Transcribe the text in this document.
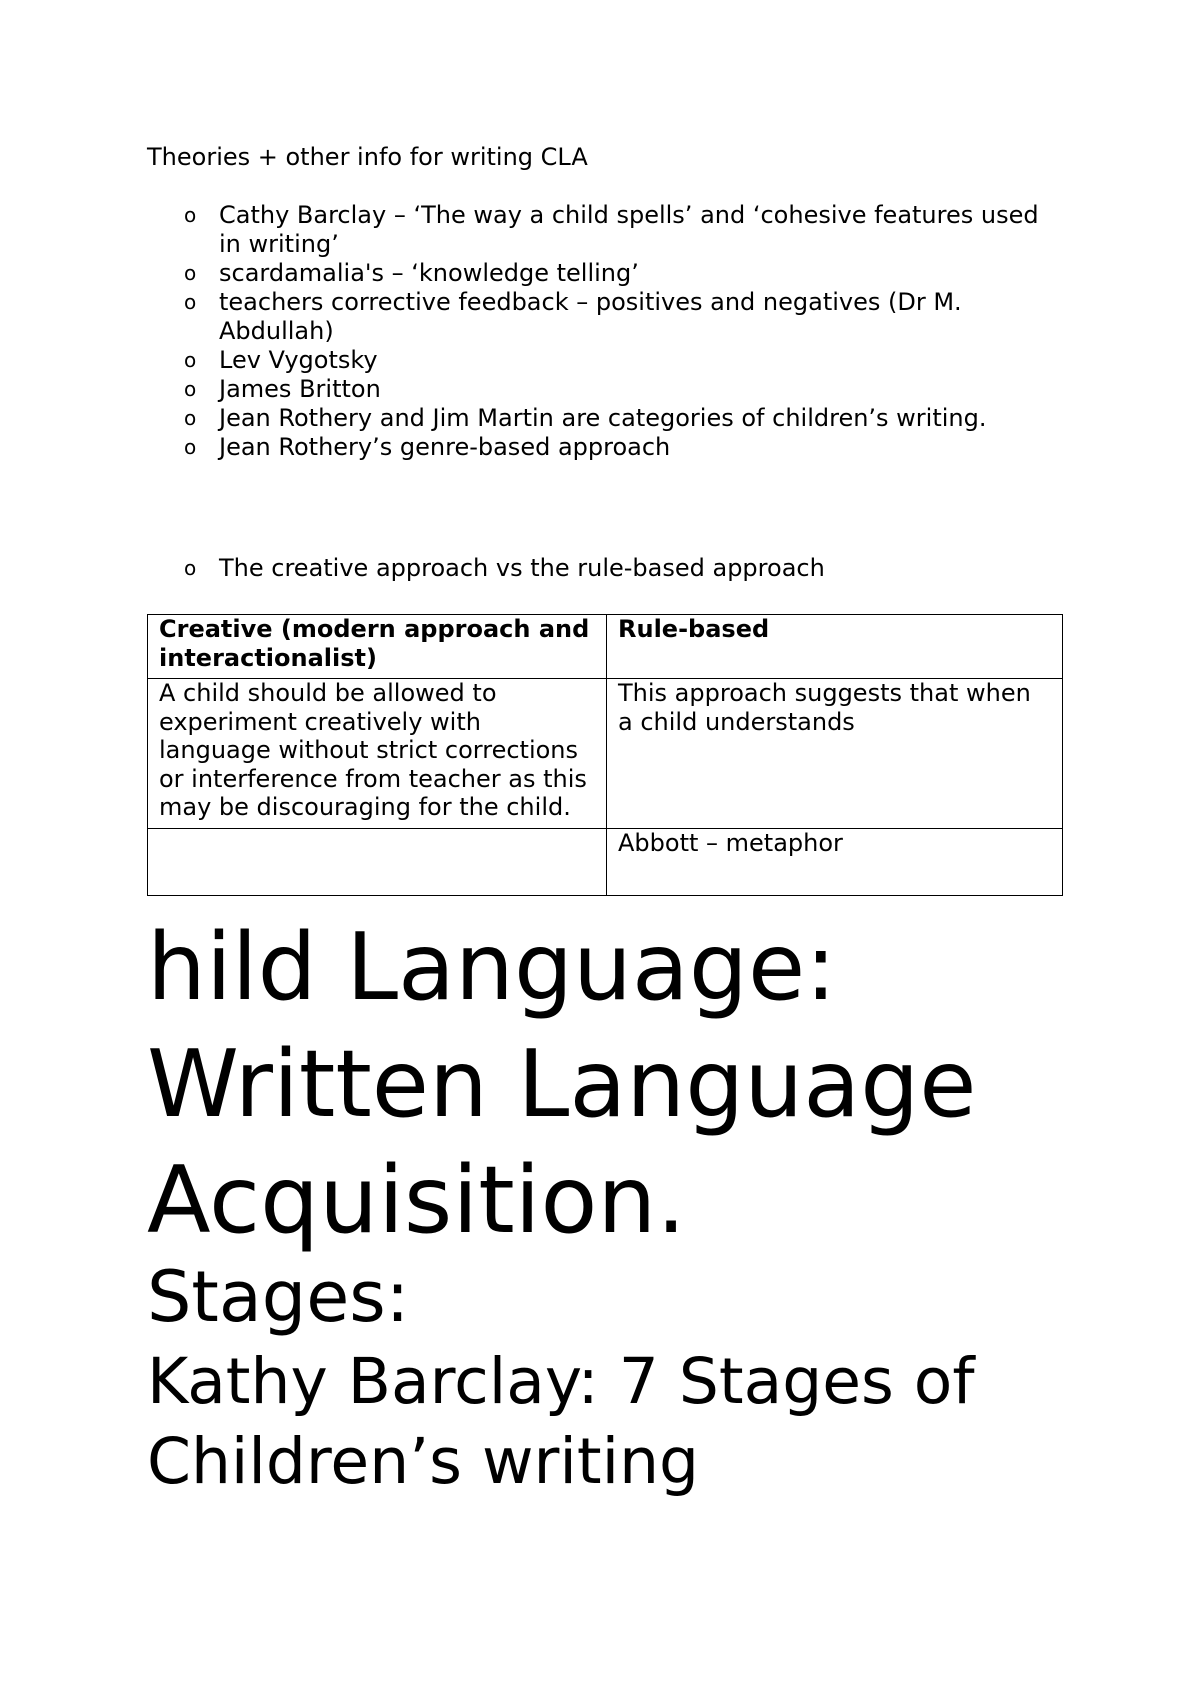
Theories + other info for writing CLA
o Cathy Barclay – ‘The way a child spells’ and ‘cohesive features used in writing’
o scardamalia's – ‘knowledge telling’
o teachers corrective feedback – positives and negatives (Dr M. Abdullah)
o Lev Vygotsky
o James Britton
o Jean Rothery and Jim Martin are categories of children’s writing.
o Jean Rothery’s genre-based approach
o The creative approach vs the rule-based approach
Creative (modern approach and interactionalist)	Rule-based
A child should be allowed to experiment creatively with language without strict corrections or interference from teacher as this may be discouraging for the child.	This approach suggests that when a child understands
	Abbott – metaphor
hild Language:
Written Language
Acquisition.
Stages:
Kathy Barclay: 7 Stages of
Children’s writing
